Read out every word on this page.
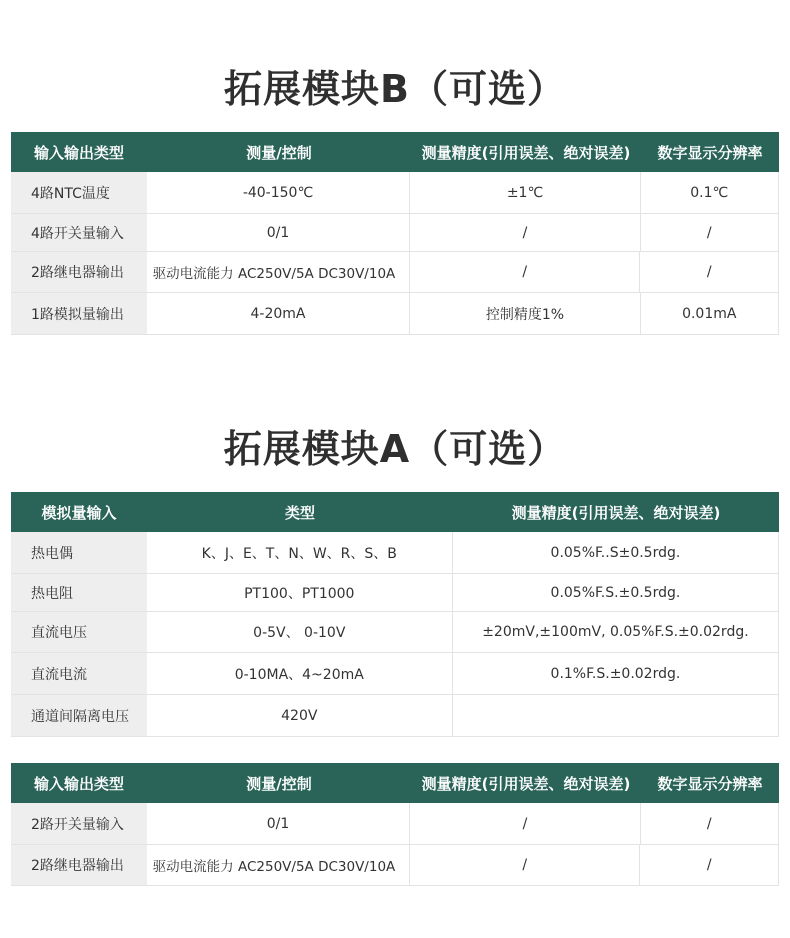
拓展模块B（可选）
输入输出类型	测量/控制	测量精度(引用误差、绝对误差)	数字显示分辨率
4路NTC温度	-40-150℃	±1℃	0.1℃
4路开关量输入	0/1	/	/
2路继电器输出	驱动电流能力 AC250V/5A DC30V/10A	/	/
1路模拟量输出	4-20mA	控制精度1%	0.01mA
拓展模块A（可选）
模拟量输入	类型	测量精度(引用误差、绝对误差)
热电偶	K、J、E、T、N、W、R、S、B	0.05%F..S±0.5rdg.
热电阻	PT100、PT1000	0.05%F.S.±0.5rdg.
直流电压	0-5V、 0-10V	±20mV,±100mV, 0.05%F.S.±0.02rdg.
直流电流	0-10MA、4~20mA	0.1%F.S.±0.02rdg.
通道间隔离电压	420V
输入输出类型	测量/控制	测量精度(引用误差、绝对误差)	数字显示分辨率
2路开关量输入	0/1	/	/
2路继电器输出	驱动电流能力 AC250V/5A DC30V/10A	/	/
